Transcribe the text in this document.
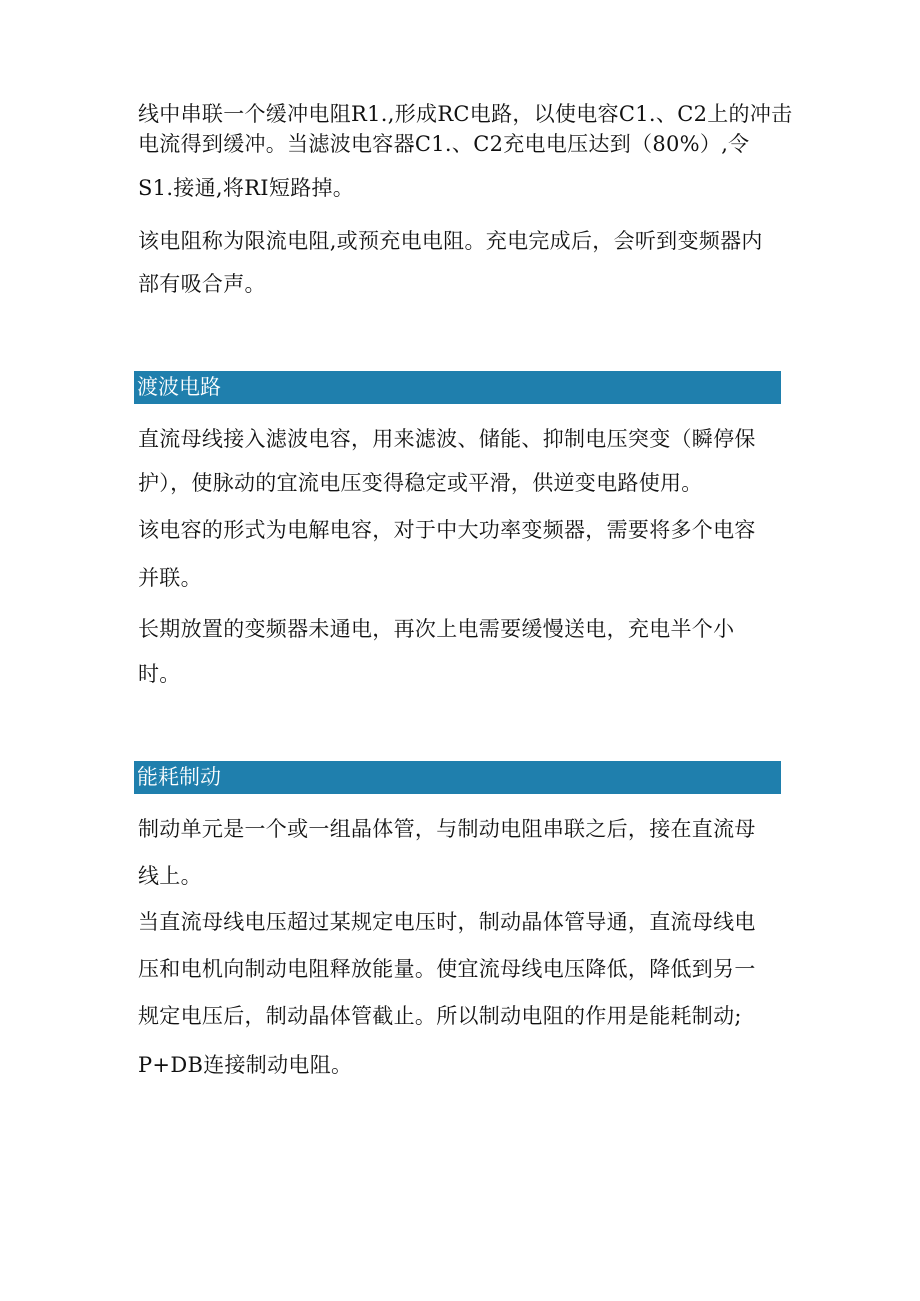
线中串联一个缓冲电阻R1.,形成RC电路，以使电容C1.、C2上的冲击
电流得到缓冲。当滤波电容器C1.、C2充电电压达到（80%）,令
S1.接通,将RI短路掉。
该电阻称为限流电阻,或预充电电阻。充电完成后，会听到变频器内
部有吸合声。
渡波电路
直流母线接入滤波电容，用来滤波、储能、抑制电压突变（瞬停保
护），使脉动的宜流电压变得稳定或平滑，供逆变电路使用。
该电容的形式为电解电容，对于中大功率变频器，需要将多个电容
并联。
长期放置的变频器未通电，再次上电需要缓慢送电，充电半个小
时。
能耗制动
制动单元是一个或一组晶体管，与制动电阻串联之后，接在直流母
线上。
当直流母线电压超过某规定电压时，制动晶体管导通，直流母线电
压和电机向制动电阻释放能量。使宜流母线电压降低，降低到另一
规定电压后，制动晶体管截止。所以制动电阻的作用是能耗制动;
P+DB连接制动电阻。
